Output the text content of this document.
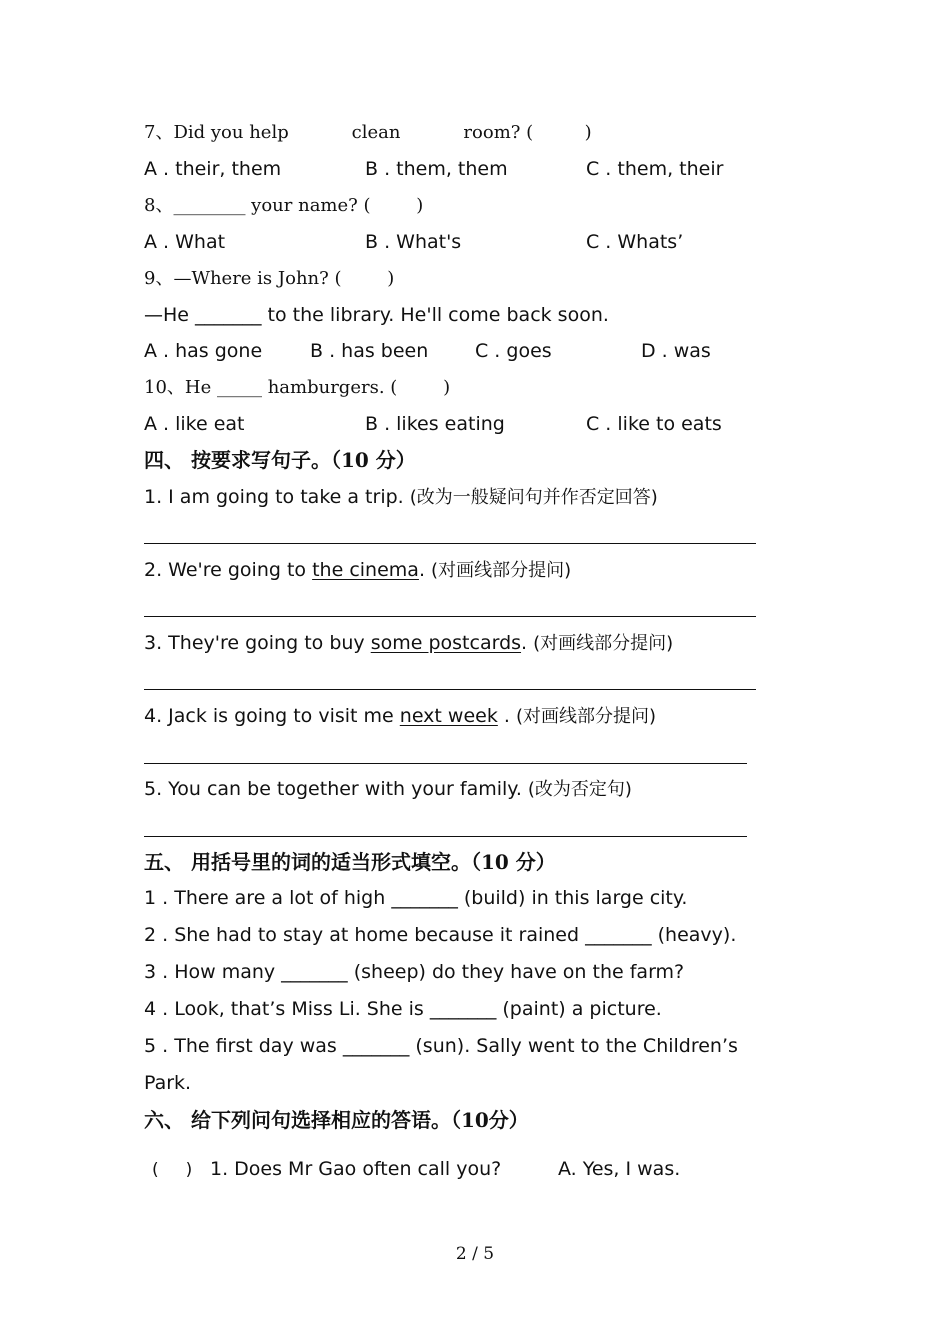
7、Did you help           clean           room? (         )
A . their, them	B . them, them	C . them, their
8、________ your name? (        )
A . What	B . What's	C . Whats’
9、—Where is John? (        )
—He _______ to the library. He'll come back soon.
A . has gone	B . has been C . goes	D . was
10、He _____ hamburgers. (        )
A . like eat	B . likes eating	C . like to eats
四、 按要求写句子。（10 分）
1. I am going to take a trip. (改为一般疑问句并作否定回答)
2. We're going to the cinema. (对画线部分提问)
3. They're going to buy some postcards. (对画线部分提问)
4. Jack is going to visit me next week . (对画线部分提问)
5. You can be together with your family. (改为否定句)
五、 用括号里的词的适当形式填空。（10 分）
1 . There are a lot of high _______ (build) in this large city.
2 . She had to stay at home because it rained _______ (heavy).
3 . How many _______ (sheep) do they have on the farm?
4 . Look, that’s Miss Li. She is _______ (paint) a picture.
5 . The first day was _______ (sun). Sally went to the Children’s
Park.
六、 给下列问句选择相应的答语。（10分）
(     ) 1. Does Mr Gao often call you?	A. Yes, I was.
2 / 5
